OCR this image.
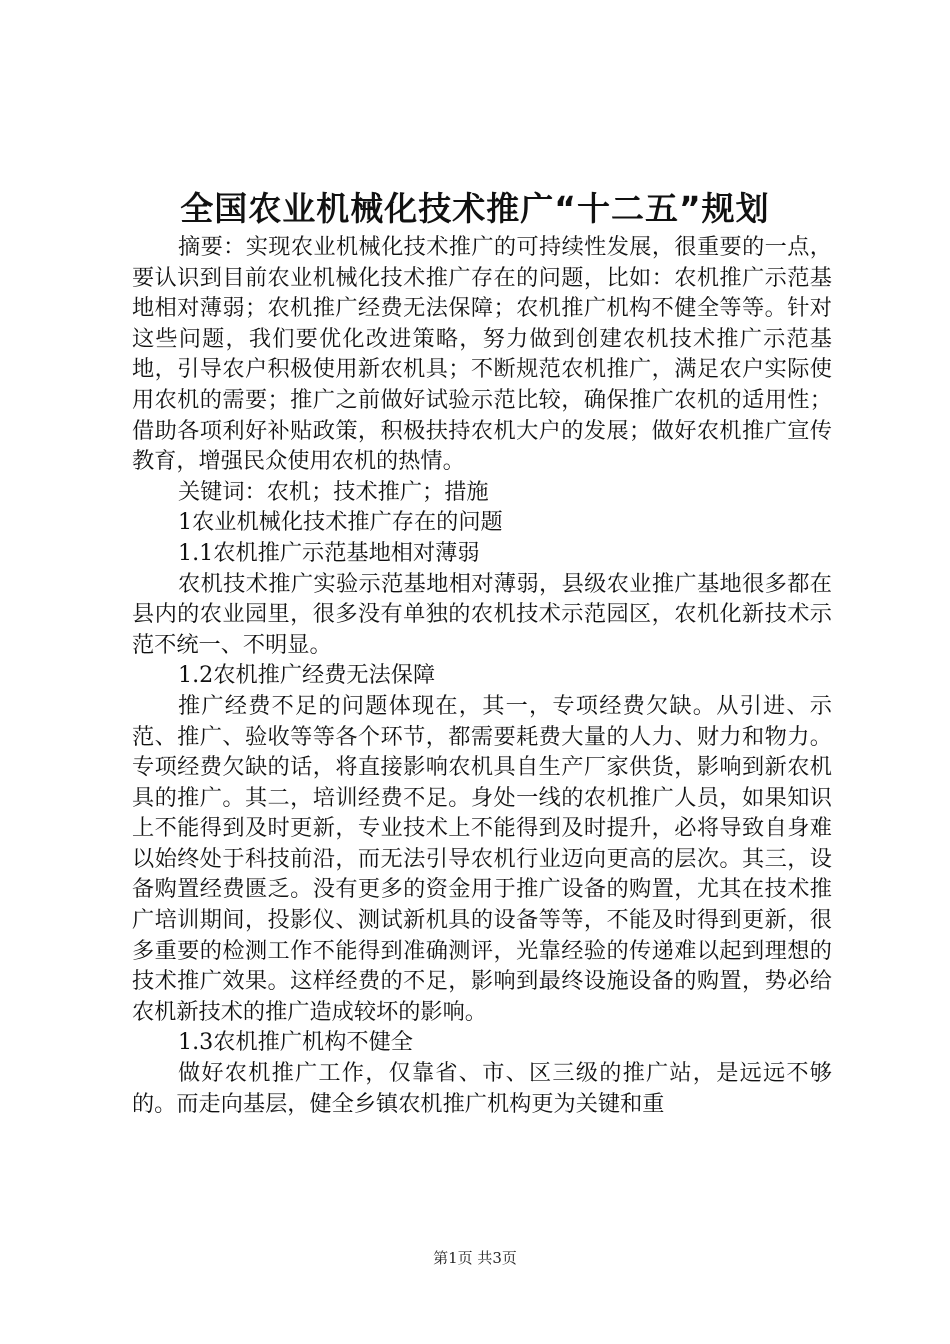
全国农业机械化技术推广“十二五”规划

摘要：实现农业机械化技术推广的可持续性发展，很重要的一点，要认识到目前农业机械化技术推广存在的问题，比如：农机推广示范基地相对薄弱；农机推广经费无法保障；农机推广机构不健全等等。针对这些问题，我们要优化改进策略，努力做到创建农机技术推广示范基地，引导农户积极使用新农机具；不断规范农机推广，满足农户实际使用农机的需要；推广之前做好试验示范比较，确保推广农机的适用性；借助各项利好补贴政策，积极扶持农机大户的发展；做好农机推广宣传教育，增强民众使用农机的热情。

关键词：农机；技术推广；措施

1农业机械化技术推广存在的问题

1.1农机推广示范基地相对薄弱

农机技术推广实验示范基地相对薄弱，县级农业推广基地很多都在县内的农业园里，很多没有单独的农机技术示范园区，农机化新技术示范不统一、不明显。

1.2农机推广经费无法保障

推广经费不足的问题体现在，其一，专项经费欠缺。从引进、示范、推广、验收等等各个环节，都需要耗费大量的人力、财力和物力。专项经费欠缺的话，将直接影响农机具自生产厂家供货，影响到新农机具的推广。其二，培训经费不足。身处一线的农机推广人员，如果知识上不能得到及时更新，专业技术上不能得到及时提升，必将导致自身难以始终处于科技前沿，而无法引导农机行业迈向更高的层次。其三，设备购置经费匮乏。没有更多的资金用于推广设备的购置，尤其在技术推广培训期间，投影仪、测试新机具的设备等等，不能及时得到更新，很多重要的检测工作不能得到准确测评，光靠经验的传递难以起到理想的技术推广效果。这样经费的不足，影响到最终设施设备的购置，势必给农机新技术的推广造成较坏的影响。

1.3农机推广机构不健全

做好农机推广工作，仅靠省、市、区三级的推广站，是远远不够的。而走向基层，健全乡镇农机推广机构更为关键和重

第1页 共3页
